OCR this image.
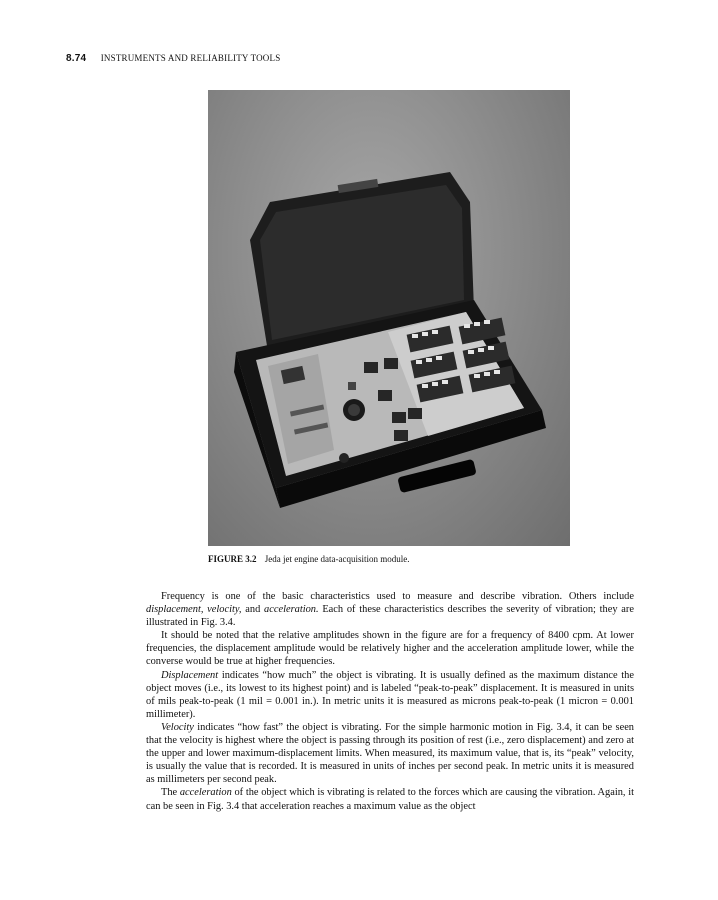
8.74 INSTRUMENTS AND RELIABILITY TOOLS
FIGURE 3.2 Jeda jet engine data-acquisition module.

Frequency is one of the basic characteristics used to measure and describe vibration. Others include displacement, velocity, and acceleration. Each of these characteristics describes the severity of vibration; they are illustrated in Fig. 3.4.

It should be noted that the relative amplitudes shown in the figure are for a frequency of 8400 cpm. At lower frequencies, the displacement amplitude would be relatively higher and the acceleration amplitude lower, while the converse would be true at higher frequencies.

Displacement indicates “how much” the object is vibrating. It is usually defined as the maximum distance the object moves (i.e., its lowest to its highest point) and is labeled “peak-to-peak” displacement. It is measured in units of mils peak-to-peak (1 mil = 0.001 in.). In metric units it is measured as microns peak-to-peak (1 micron = 0.001 millimeter).

Velocity indicates “how fast” the object is vibrating. For the simple harmonic motion in Fig. 3.4, it can be seen that the velocity is highest where the object is passing through its position of rest (i.e., zero displacement) and zero at the upper and lower maximum-displacement limits. When measured, its maximum value, that is, its “peak” velocity, is usually the value that is recorded. It is measured in units of inches per second peak. In metric units it is measured as millimeters per second peak.

The acceleration of the object which is vibrating is related to the forces which are causing the vibration. Again, it can be seen in Fig. 3.4 that acceleration reaches a maximum value as the object
